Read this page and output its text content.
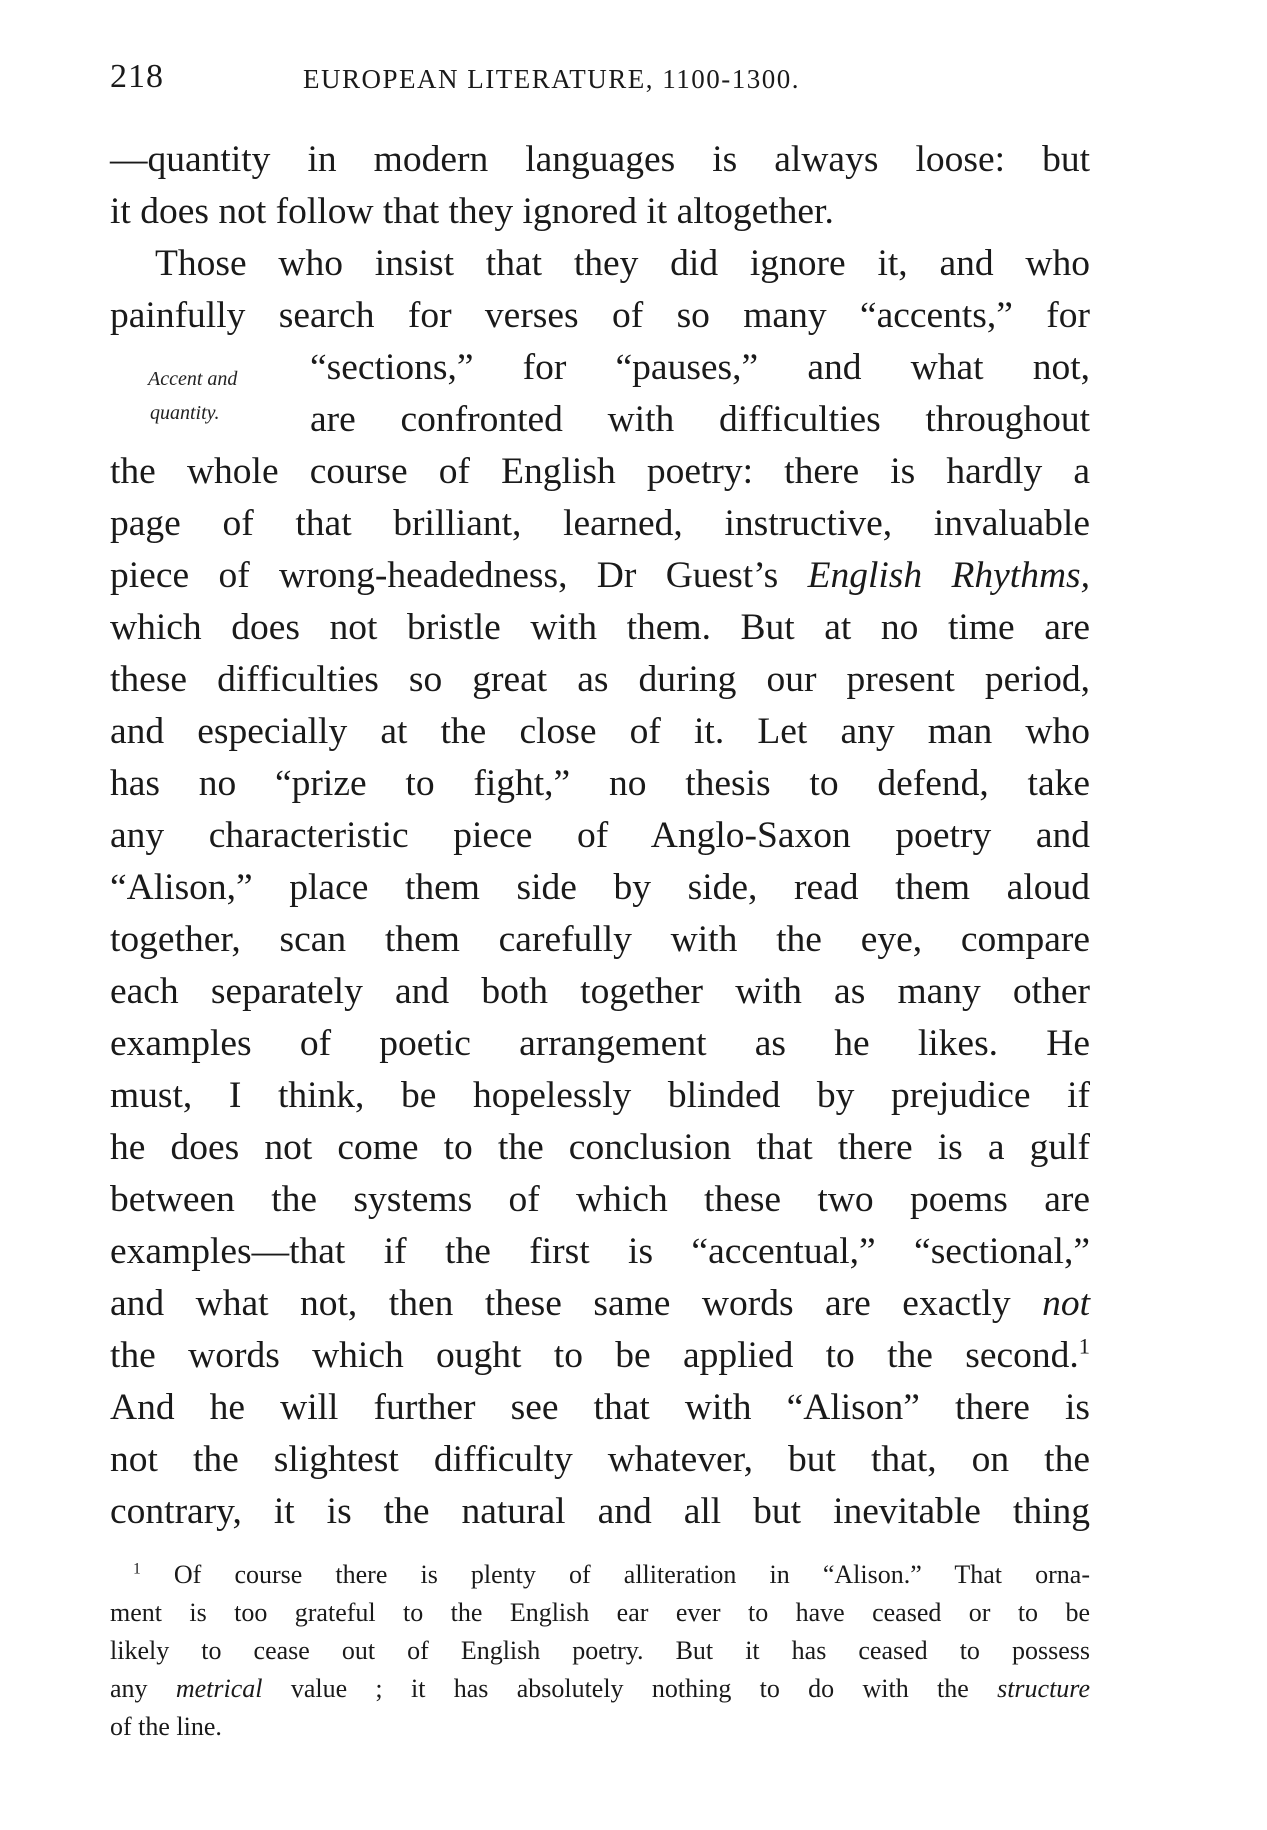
218	EUROPEAN LITERATURE, 1100-1300.
Accent and
quantity.
—quantity in modern languages is always loose: but
it does not follow that they ignored it altogether.
Those who insist that they did ignore it, and who
painfully search for verses of so many “accents,” for
“sections,” for “pauses,” and what not,
are confronted with difficulties throughout
the whole course of English poetry: there is hardly a
page of that brilliant, learned, instructive, invaluable
piece of wrong-headedness, Dr Guest’s English Rhythms,
which does not bristle with them. But at no time are
these difficulties so great as during our present period,
and especially at the close of it. Let any man who
has no “prize to fight,” no thesis to defend, take
any characteristic piece of Anglo-Saxon poetry and
“Alison,” place them side by side, read them aloud
together, scan them carefully with the eye, compare
each separately and both together with as many other
examples of poetic arrangement as he likes. He
must, I think, be hopelessly blinded by prejudice if
he does not come to the conclusion that there is a gulf
between the systems of which these two poems are
examples—that if the first is “accentual,” “sectional,”
and what not, then these same words are exactly not
the words which ought to be applied to the second.$^1$
And he will further see that with “Alison” there is
not the slightest difficulty whatever, but that, on the
contrary, it is the natural and all but inevitable thing
$^1$ Of course there is plenty of alliteration in “Alison.” That orna-
ment is too grateful to the English ear ever to have ceased or to be
likely to cease out of English poetry. But it has ceased to possess
any metrical value ; it has absolutely nothing to do with the structure
of the line.
